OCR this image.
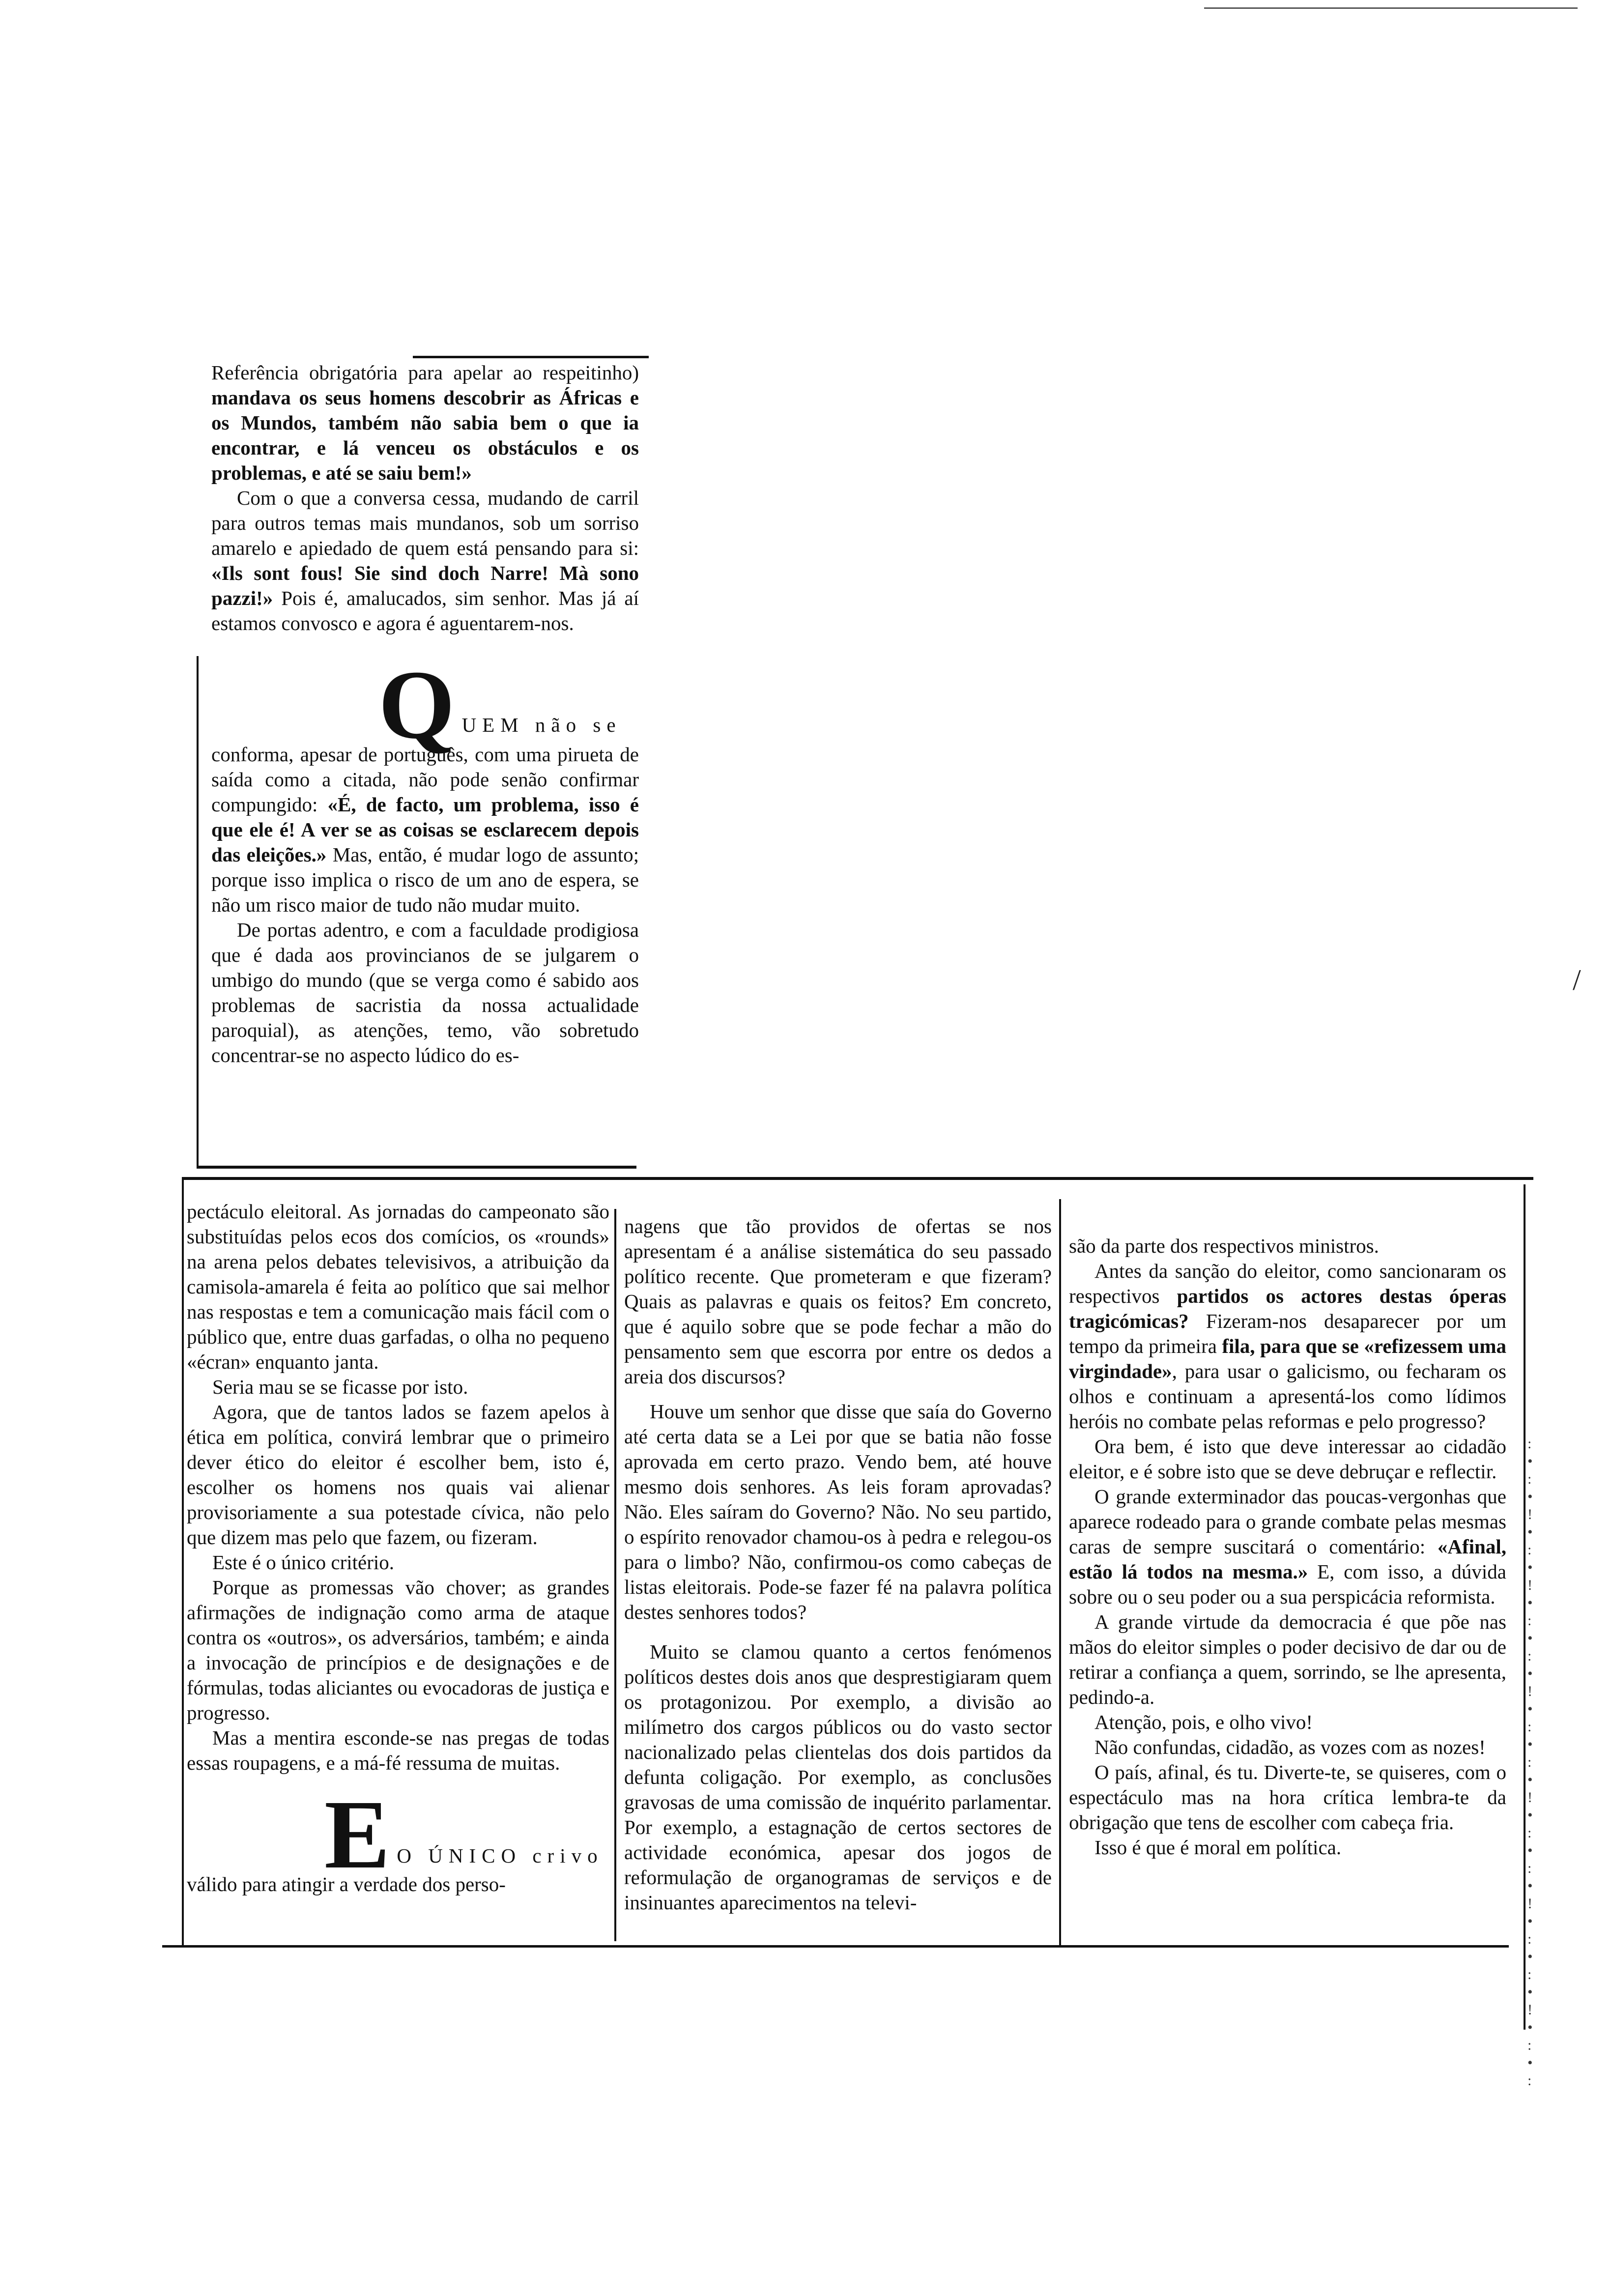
Referência obrigatória para apelar ao respeitinho) mandava os seus homens descobrir as Áfricas e os Mundos, também não sabia bem o que ia encontrar, e lá venceu os obstáculos e os problemas, e até se saiu bem!»

Com o que a conversa cessa, mudando de carril para outros temas mais mundanos, sob um sorriso amarelo e apiedado de quem está pensando para si: «Ils sont fous! Sie sind doch Narre! Mà sono pazzi!» Pois é, amalucados, sim senhor. Mas já aí estamos convosco e agora é aguentarem-nos.

Q UEM não se
conforma, apesar de português, com uma pirueta de saída como a citada, não pode senão confirmar compungido: «É, de facto, um problema, isso é que ele é! A ver se as coisas se esclarecem depois das eleições.» Mas, então, é mudar logo de assunto; porque isso implica o risco de um ano de espera, se não um risco maior de tudo não mudar muito.

De portas adentro, e com a faculdade prodigiosa que é dada aos provincianos de se julgarem o umbigo do mundo (que se verga como é sabido aos problemas de sacristia da nossa actualidade paroquial), as atenções, temo, vão sobretudo concentrar-se no aspecto lúdico do es-

pectáculo eleitoral. As jornadas do campeonato são substituídas pelos ecos dos comícios, os «rounds» na arena pelos debates televisivos, a atribuição da camisola-amarela é feita ao político que sai melhor nas respostas e tem a comunicação mais fácil com o público que, entre duas garfadas, o olha no pequeno «écran» enquanto janta.

Seria mau se se ficasse por isto.

Agora, que de tantos lados se fazem apelos à ética em política, convirá lembrar que o primeiro dever ético do eleitor é escolher bem, isto é, escolher os homens nos quais vai alienar provisoriamente a sua potestade cívica, não pelo que dizem mas pelo que fazem, ou fizeram.

Este é o único critério.

Porque as promessas vão chover; as grandes afirmações de indignação como arma de ataque contra os «outros», os adversários, também; e ainda a invocação de princípios e de designações e de fórmulas, todas aliciantes ou evocadoras de justiça e progresso.

Mas a mentira esconde-se nas pregas de todas essas roupagens, e a má-fé ressuma de muitas.

E O ÚNICO crivo
válido para atingir a verdade dos perso-

nagens que tão providos de ofertas se nos apresentam é a análise sistemática do seu passado político recente. Que prometeram e que fizeram? Quais as palavras e quais os feitos? Em concreto, que é aquilo sobre que se pode fechar a mão do pensamento sem que escorra por entre os dedos a areia dos discursos?

Houve um senhor que disse que saía do Governo até certa data se a Lei por que se batia não fosse aprovada em certo prazo. Vendo bem, até houve mesmo dois senhores. As leis foram aprovadas? Não. Eles saíram do Governo? Não. No seu partido, o espírito renovador chamou-os à pedra e relegou-os para o limbo? Não, confirmou-os como cabeças de listas eleitorais. Pode-se fazer fé na palavra política destes senhores todos?

Muito se clamou quanto a certos fenómenos políticos destes dois anos que desprestigiaram quem os protagonizou. Por exemplo, a divisão ao milímetro dos cargos públicos ou do vasto sector nacionalizado pelas clientelas dos dois partidos da defunta coligação. Por exemplo, as conclusões gravosas de uma comissão de inquérito parlamentar. Por exemplo, a estagnação de certos sectores de actividade económica, apesar dos jogos de reformulação de organogramas de serviços e de insinuantes aparecimentos na televi-

são da parte dos respectivos ministros.

Antes da sanção do eleitor, como sancionaram os respectivos partidos os actores destas óperas tragicómicas? Fizeram-nos desaparecer por um tempo da primeira fila, para que se «refizessem uma virgindade», para usar o galicismo, ou fecharam os olhos e continuam a apresentá-los como lídimos heróis no combate pelas reformas e pelo progresso?

Ora bem, é isto que deve interessar ao cidadão eleitor, e é sobre isto que se deve debruçar e reflectir.

O grande exterminador das poucas-vergonhas que aparece rodeado para o grande combate pelas mesmas caras de sempre suscitará o comentário: «Afinal, estão lá todos na mesma.» E, com isso, a dúvida sobre ou o seu poder ou a sua perspicácia reformista.

A grande virtude da democracia é que põe nas mãos do eleitor simples o poder decisivo de dar ou de retirar a confiança a quem, sorrindo, se lhe apresenta, pedindo-a.

Atenção, pois, e olho vivo!

Não confundas, cidadão, as vozes com as nozes!

O país, afinal, és tu. Diverte-te, se quiseres, com o espectáculo mas na hora crítica lembra-te da obrigação que tens de escolher com cabeça fria.

Isso é que é moral em política.

: • : • ! • : • ! • : • : • ! • : • : • ! • : • : • ! • : • : • ! • : • :
/
